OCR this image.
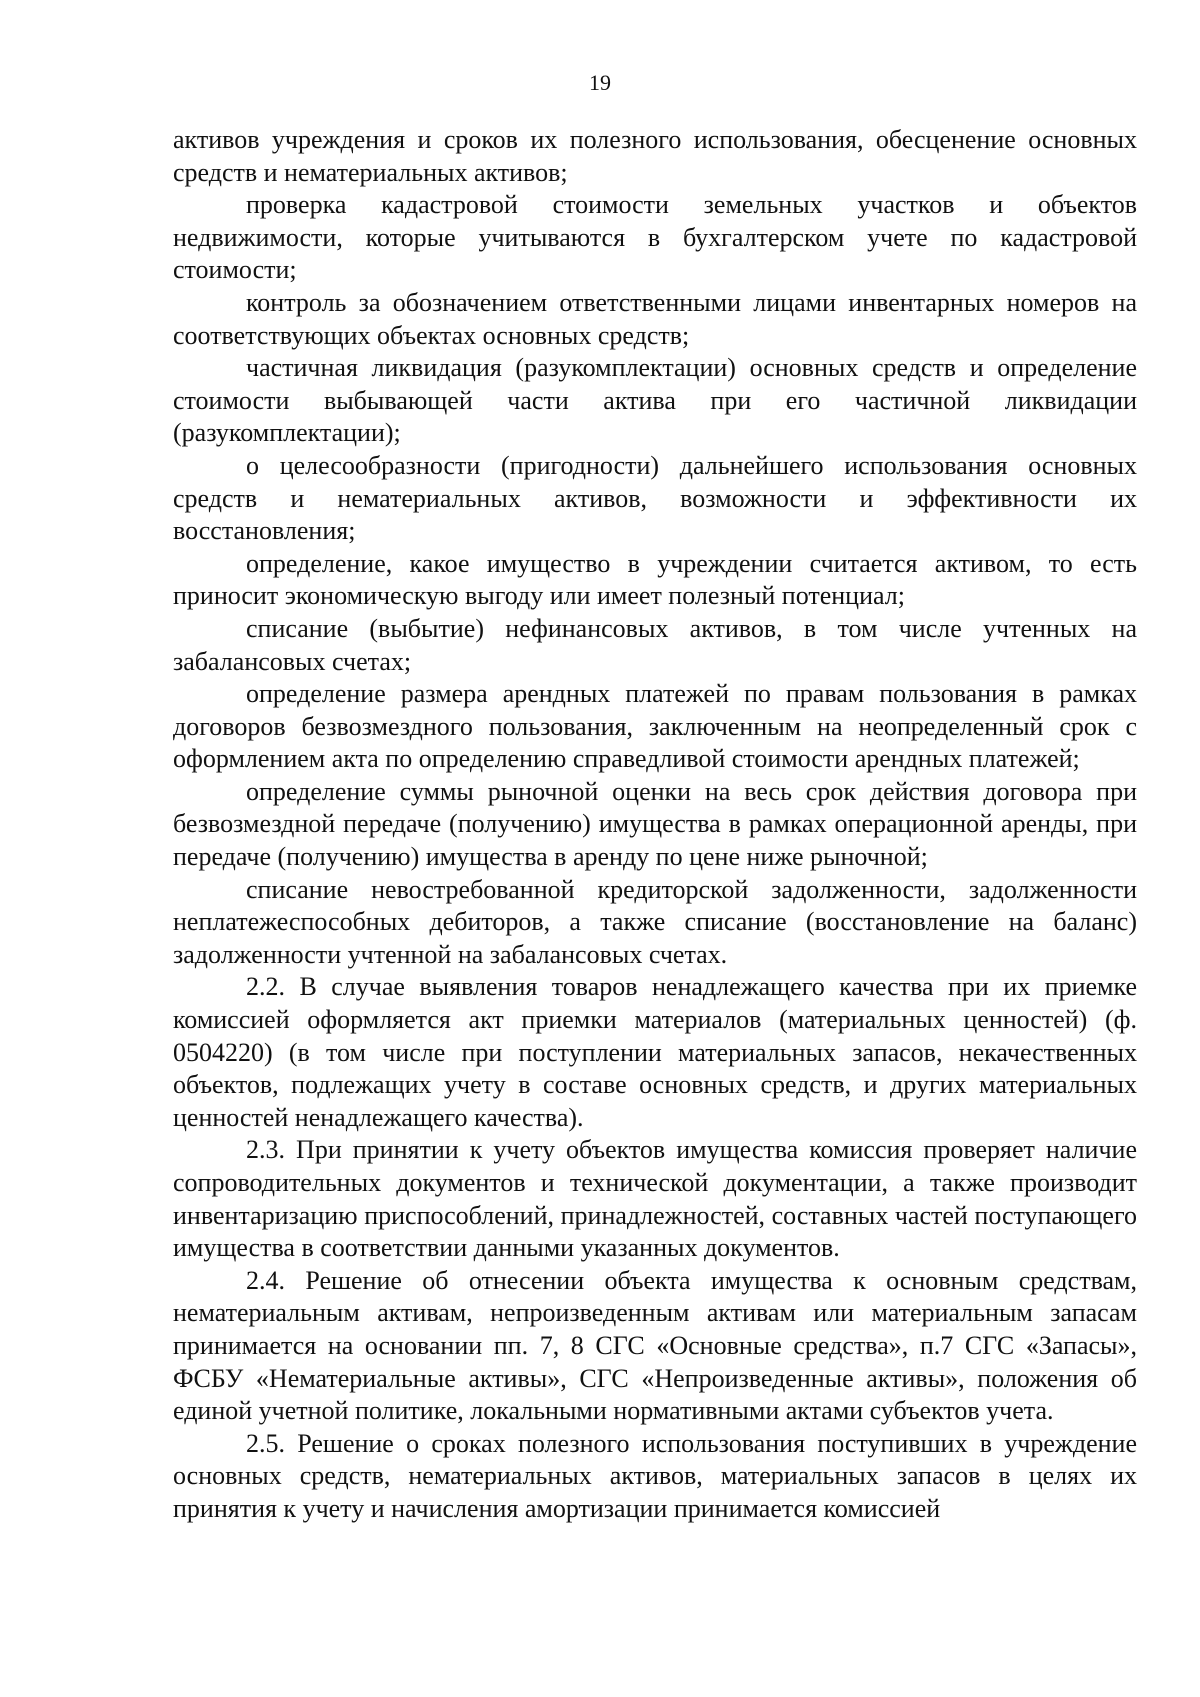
19

активов учреждения и сроков их полезного использования, обесценение основных средств и нематериальных активов;

проверка кадастровой стоимости земельных участков и объектов недвижимости, которые учитываются в бухгалтерском учете по кадастровой стоимости;

контроль за обозначением ответственными лицами инвентарных номеров на соответствующих объектах основных средств;

частичная ликвидация (разукомплектации) основных средств и определение стоимости выбывающей части актива при его частичной ликвидации (разукомплектации);

о целесообразности (пригодности) дальнейшего использования основных средств и нематериальных активов, возможности и эффективности их восстановления;

определение, какое имущество в учреждении считается активом, то есть приносит экономическую выгоду или имеет полезный потенциал;

списание (выбытие) нефинансовых активов, в том числе учтенных на забалансовых счетах;

определение размера арендных платежей по правам пользования в рамках договоров безвозмездного пользования, заключенным на неопределенный срок с оформлением акта по определению справедливой стоимости арендных платежей;

определение суммы рыночной оценки на весь срок действия договора при безвозмездной передаче (получению) имущества в рамках операционной аренды, при передаче (получению) имущества в аренду по цене ниже рыночной;

списание невостребованной кредиторской задолженности, задолженности неплатежеспособных дебиторов, а также списание (восстановление на баланс) задолженности учтенной на забалансовых счетах.

2.2. В случае выявления товаров ненадлежащего качества при их приемке комиссией оформляется акт приемки материалов (материальных ценностей) (ф. 0504220) (в том числе при поступлении материальных запасов, некачественных объектов, подлежащих учету в составе основных средств, и других материальных ценностей ненадлежащего качества).

2.3. При принятии к учету объектов имущества комиссия проверяет наличие сопроводительных документов и технической документации, а также производит инвентаризацию приспособлений, принадлежностей, составных частей поступающего имущества в соответствии данными указанных документов.

2.4. Решение об отнесении объекта имущества к основным средствам, нематериальным активам, непроизведенным активам или материальным запасам принимается на основании пп. 7, 8 СГС «Основные средства», п.7 СГС «Запасы», ФСБУ «Нематериальные активы», СГС «Непроизведенные активы», положения об единой учетной политике, локальными нормативными актами субъектов учета.

2.5. Решение о сроках полезного использования поступивших в учреждение основных средств, нематериальных активов, материальных запасов в целях их принятия к учету и начисления амортизации принимается комиссией
